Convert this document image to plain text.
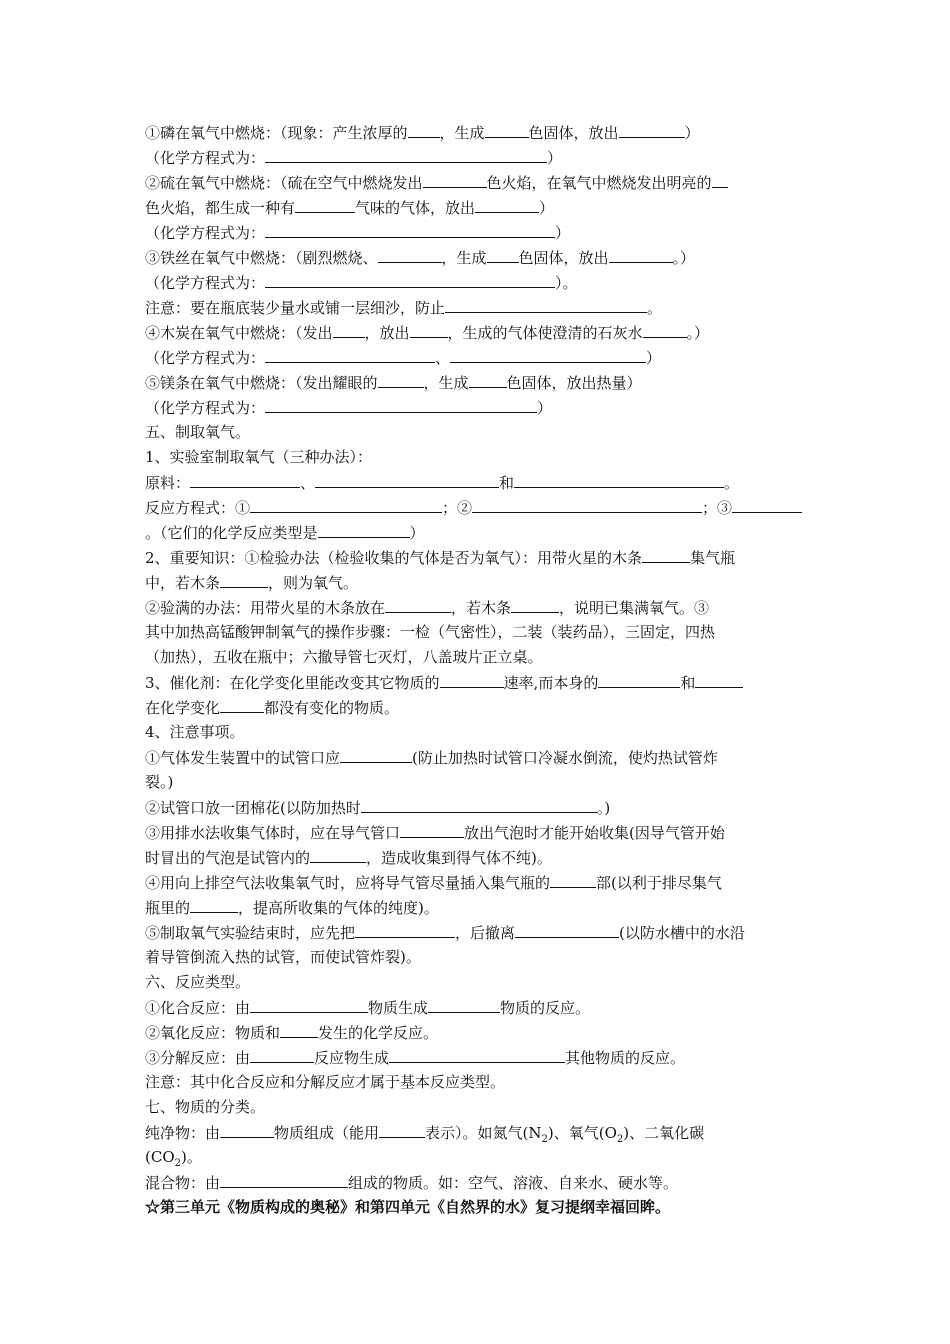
①磷在氧气中燃烧：（现象：产生浓厚的 ，生成	色固体，放出	）
（化学方程式为：	）
②硫在氧气中燃烧：（硫在空气中燃烧发出	色火焰，在氧气中燃烧发出明亮的
色火焰，都生成一种有	气味的气体，放出	）
（化学方程式为：	）
③铁丝在氧气中燃烧：（剧烈燃烧、	，生成 色固体，放出	。）
（化学方程式为：	）。
注意：要在瓶底装少量水或铺一层细沙，防止	。
④木炭在氧气中燃烧：（发出 ，放出	，生成的气体使澄清的石灰水	。）
（化学方程式为：	、	）
⑤镁条在氧气中燃烧：（发出耀眼的	，生成	色固体，放出热量）
（化学方程式为：	）
五、制取氧气。
1、实验室制取氧气（三种办法）：
原料：	、	和	。
反应方程式：①	；②	；③
。（它们的化学反应类型是	）
2、重要知识：①检验办法（检验收集的气体是否为氧气）：用带火星的木条	集气瓶
中，若木条	，则为氧气。
②验满的办法：用带火星的木条放在	，若木条	，说明已集满氧气。③
其中加热高锰酸钾制氧气的操作步骤：一检（气密性），二装（装药品），三固定，四热
（加热），五收在瓶中；六撤导管七灭灯，八盖玻片正立桌。
3、催化剂：在化学变化里能改变其它物质的	速率,而本身的	和
在化学变化	都没有变化的物质。
4、注意事项。
①气体发生装置中的试管口应	(防止加热时试管口冷凝水倒流，使灼热试管炸
裂。)
②试管口放一团棉花(以防加热时	。)
③用排水法收集气体时，应在导气管口	放出气泡时才能开始收集(因导气管开始
时冒出的气泡是试管内的	，造成收集到得气体不纯)。
④用向上排空气法收集氧气时，应将导气管尽量插入集气瓶的	部(以利于排尽集气
瓶里的	，提高所收集的气体的纯度)。
⑤制取氧气实验结束时，应先把	，后撤离	(以防水槽中的水沿
着导管倒流入热的试管，而使试管炸裂)。
六、反应类型。
①化合反应：由	物质生成	物质的反应。
②氧化反应：物质和	发生的化学反应。
③分解反应：由	反应物生成	其他物质的反应。
注意：其中化合反应和分解反应才属于基本反应类型。
七、物质的分类。
纯净物：由	物质组成（能用	表示）。如氮气$(N_2)$、氧气$(O_2)$、二氧化碳
$(CO_2)$。
混合物：由	组成的物质。如：空气、溶液、自来水、硬水等。
☆第三单元《物质构成的奥秘》和第四单元《自然界的水》复习提纲幸福回眸。
